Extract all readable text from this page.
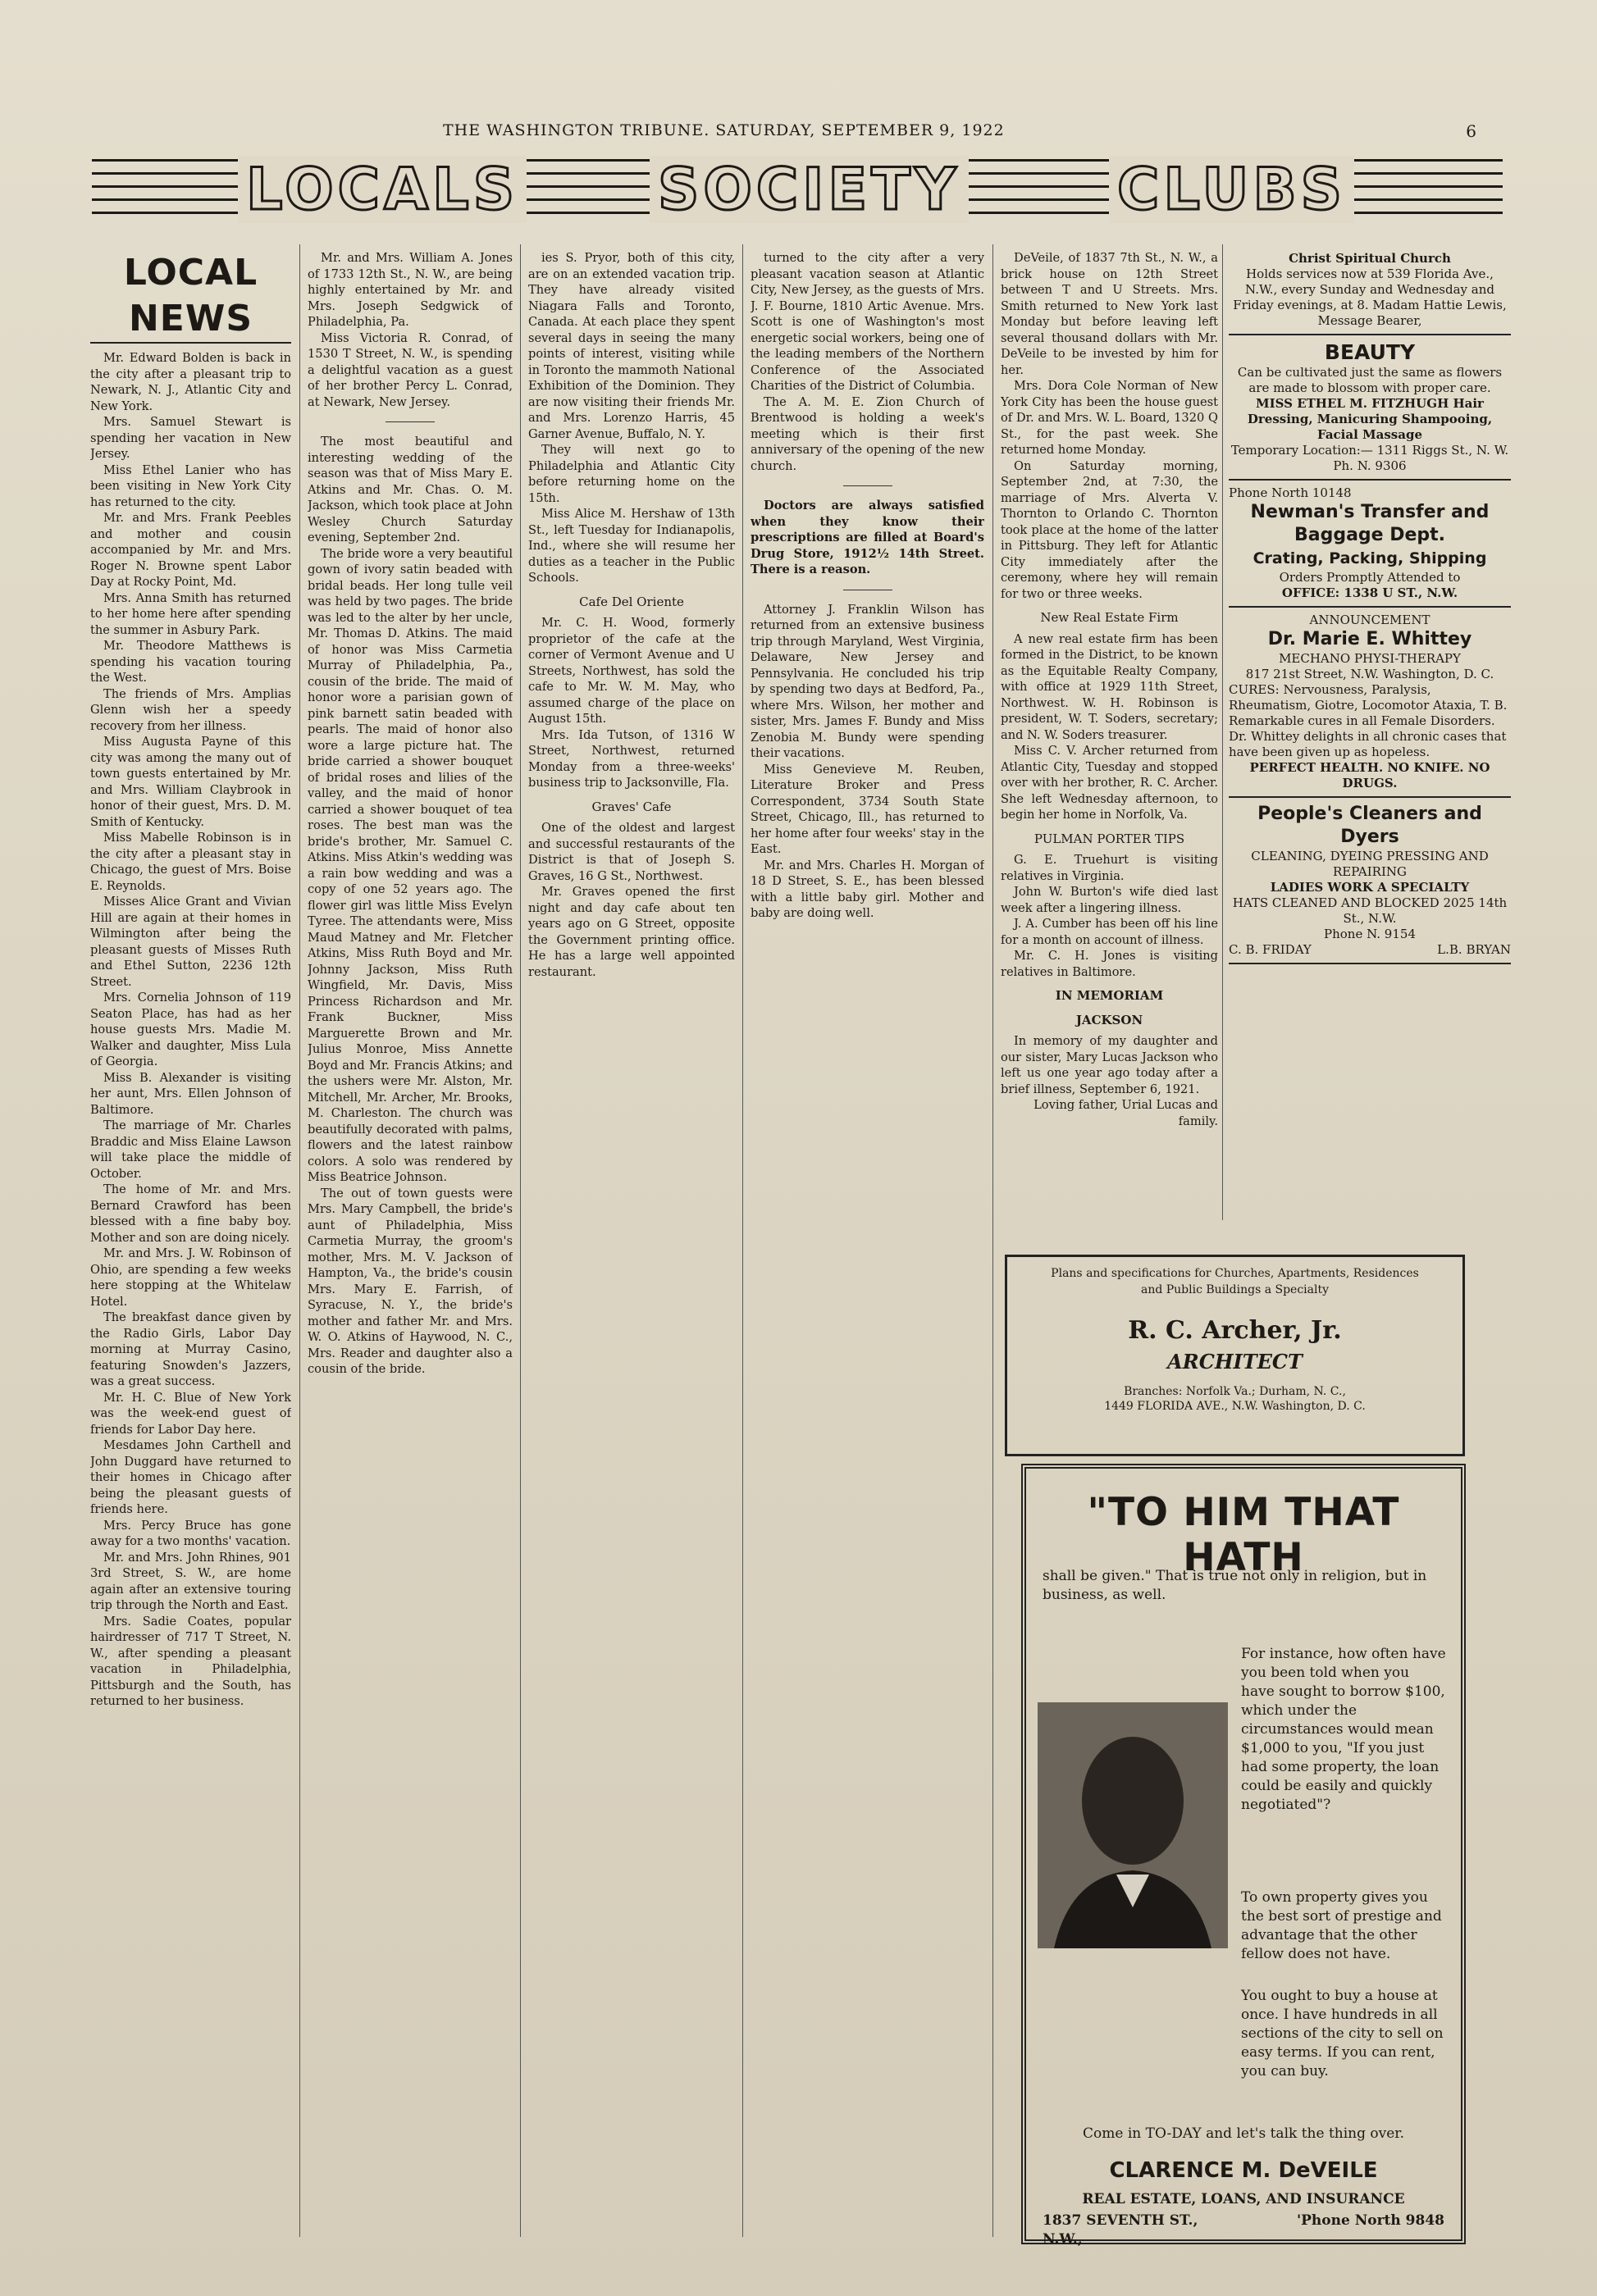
THE WASHINGTON TRIBUNE. SATURDAY, SEPTEMBER 9, 1922	6
LOCALS SOCIETY	CLUBS
LOCAL NEWS

Mr. Edward Bolden is back in the city after a pleasant trip to Newark, N. J., Atlantic City and New York.

Mrs. Samuel Stewart is spending her vacation in New Jersey.

Miss Ethel Lanier who has been visiting in New York City has returned to the city.

Mr. and Mrs. Frank Peebles and mother and cousin accompanied by Mr. and Mrs. Roger N. Browne spent Labor Day at Rocky Point, Md.

Mrs. Anna Smith has returned to her home here after spending the summer in Asbury Park.

Mr. Theodore Matthews is spending his vacation touring the West.

The friends of Mrs. Amplias Glenn wish her a speedy recovery from her illness.

Miss Augusta Payne of this city was among the many out of town guests entertained by Mr. and Mrs. William Claybrook in honor of their guest, Mrs. D. M. Smith of Kentucky.

Miss Mabelle Robinson is in the city after a pleasant stay in Chicago, the guest of Mrs. Boise E. Reynolds.

Misses Alice Grant and Vivian Hill are again at their homes in Wilmington after being the pleasant guests of Misses Ruth and Ethel Sutton, 2236 12th Street.

Mrs. Cornelia Johnson of 119 Seaton Place, has had as her house guests Mrs. Madie M. Walker and daughter, Miss Lula of Georgia.

Miss B. Alexander is visiting her aunt, Mrs. Ellen Johnson of Baltimore.

The marriage of Mr. Charles Braddic and Miss Elaine Lawson will take place the middle of October.

The home of Mr. and Mrs. Bernard Crawford has been blessed with a fine baby boy. Mother and son are doing nicely.

Mr. and Mrs. J. W. Robinson of Ohio, are spending a few weeks here stopping at the Whitelaw Hotel.

The breakfast dance given by the Radio Girls, Labor Day morning at Murray Casino, featuring Snowden's Jazzers, was a great success.

Mr. H. C. Blue of New York was the week-end guest of friends for Labor Day here.

Mesdames John Carthell and John Duggard have returned to their homes in Chicago after being the pleasant guests of friends here.

Mrs. Percy Bruce has gone away for a two months' vacation.

Mr. and Mrs. John Rhines, 901 3rd Street, S. W., are home again after an extensive touring trip through the North and East.

Mrs. Sadie Coates, popular hairdresser of 717 T Street, N. W., after spending a pleasant vacation in Philadelphia, Pittsburgh and the South, has returned to her business.

Mr. and Mrs. William A. Jones of 1733 12th St., N. W., are being highly entertained by Mr. and Mrs. Joseph Sedgwick of Philadelphia, Pa.

Miss Victoria R. Conrad, of 1530 T Street, N. W., is spending a delightful vacation as a guest of her brother Percy L. Conrad, at Newark, New Jersey.

The most beautiful and interesting wedding of the season was that of Miss Mary E. Atkins and Mr. Chas. O. M. Jackson, which took place at John Wesley Church Saturday evening, September 2nd.

The bride wore a very beautiful gown of ivory satin beaded with bridal beads. Her long tulle veil was held by two pages. The bride was led to the alter by her uncle, Mr. Thomas D. Atkins. The maid of honor was Miss Carmetia Murray of Philadelphia, Pa., cousin of the bride. The maid of honor wore a parisian gown of pink barnett satin beaded with pearls. The maid of honor also wore a large picture hat. The bride carried a shower bouquet of bridal roses and lilies of the valley, and the maid of honor carried a shower bouquet of tea roses. The best man was the bride's brother, Mr. Samuel C. Atkins. Miss Atkin's wedding was a rain bow wedding and was a copy of one 52 years ago. The flower girl was little Miss Evelyn Tyree. The attendants were, Miss Maud Matney and Mr. Fletcher Atkins, Miss Ruth Boyd and Mr. Johnny Jackson, Miss Ruth Wingfield, Mr. Davis, Miss Princess Richardson and Mr. Frank Buckner, Miss Marguerette Brown and Mr. Julius Monroe, Miss Annette Boyd and Mr. Francis Atkins; and the ushers were Mr. Alston, Mr. Mitchell, Mr. Archer, Mr. Brooks, M. Charleston. The church was beautifully decorated with palms, flowers and the latest rainbow colors. A solo was rendered by Miss Beatrice Johnson.

The out of town guests were Mrs. Mary Campbell, the bride's aunt of Philadelphia, Miss Carmetia Murray, the groom's mother, Mrs. M. V. Jackson of Hampton, Va., the bride's cousin Mrs. Mary E. Farrish, of Syracuse, N. Y., the bride's mother and father Mr. and Mrs. W. O. Atkins of Haywood, N. C., Mrs. Reader and daughter also a cousin of the bride.

ies S. Pryor, both of this city, are on an extended vacation trip. They have already visited Niagara Falls and Toronto, Canada. At each place they spent several days in seeing the many points of interest, visiting while in Toronto the mammoth National Exhibition of the Dominion. They are now visiting their friends Mr. and Mrs. Lorenzo Harris, 45 Garner Avenue, Buffalo, N. Y.

They will next go to Philadelphia and Atlantic City before returning home on the 15th.

Miss Alice M. Hershaw of 13th St., left Tuesday for Indianapolis, Ind., where she will resume her duties as a teacher in the Public Schools.

Cafe Del Oriente

Mr. C. H. Wood, formerly proprietor of the cafe at the corner of Vermont Avenue and U Streets, Northwest, has sold the cafe to Mr. W. M. May, who assumed charge of the place on August 15th.

Mrs. Ida Tutson, of 1316 W Street, Northwest, returned Monday from a three-weeks' business trip to Jacksonville, Fla.

Graves' Cafe

One of the oldest and largest and successful restaurants of the District is that of Joseph S. Graves, 16 G St., Northwest.

Mr. Graves opened the first night and day cafe about ten years ago on G Street, opposite the Government printing office. He has a large well appointed restaurant.

turned to the city after a very pleasant vacation season at Atlantic City, New Jersey, as the guests of Mrs. J. F. Bourne, 1810 Artic Avenue. Mrs. Scott is one of Washington's most energetic social workers, being one of the leading members of the Northern Conference of the Associated Charities of the District of Columbia.

The A. M. E. Zion Church of Brentwood is holding a week's meeting which is their first anniversary of the opening of the new church.

Doctors are always satisfied when they know their prescriptions are filled at Board's Drug Store, 1912½ 14th Street. There is a reason.

Attorney J. Franklin Wilson has returned from an extensive business trip through Maryland, West Virginia, Delaware, New Jersey and Pennsylvania. He concluded his trip by spending two days at Bedford, Pa., where Mrs. Wilson, her mother and sister, Mrs. James F. Bundy and Miss Zenobia M. Bundy were spending their vacations.

Miss Genevieve M. Reuben, Literature Broker and Press Correspondent, 3734 South State Street, Chicago, Ill., has returned to her home after four weeks' stay in the East.

Mr. and Mrs. Charles H. Morgan of 18 D Street, S. E., has been blessed with a little baby girl. Mother and baby are doing well.

DeVeile, of 1837 7th St., N. W., a brick house on 12th Street between T and U Streets. Mrs. Smith returned to New York last Monday but before leaving left several thousand dollars with Mr. DeVeile to be invested by him for her.

Mrs. Dora Cole Norman of New York City has been the house guest of Dr. and Mrs. W. L. Board, 1320 Q St., for the past week. She returned home Monday.

On Saturday morning, September 2nd, at 7:30, the marriage of Mrs. Alverta V. Thornton to Orlando C. Thornton took place at the home of the latter in Pittsburg. They left for Atlantic City immediately after the ceremony, where hey will remain for two or three weeks.

New Real Estate Firm

A new real estate firm has been formed in the District, to be known as the Equitable Realty Company, with office at 1929 11th Street, Northwest. W. H. Robinson is president, W. T. Soders, secretary; and N. W. Soders treasurer.

Miss C. V. Archer returned from Atlantic City, Tuesday and stopped over with her brother, R. C. Archer. She left Wednesday afternoon, to begin her home in Norfolk, Va.

PULMAN PORTER TIPS

G. E. Truehurt is visiting relatives in Virginia.

John W. Burton's wife died last week after a lingering illness.

J. A. Cumber has been off his line for a month on account of illness.

Mr. C. H. Jones is visiting relatives in Baltimore.

IN MEMORIAM

JACKSON

In memory of my daughter and our sister, Mary Lucas Jackson who left us one year ago today after a brief illness, September 6, 1921.

Loving father, Urial Lucas and family.

Christ Spiritual Church
Holds services now at 539 Florida Ave., N.W., every Sunday and Wednesday and Friday evenings, at 8. Madam Hattie Lewis, Message Bearer,
BEAUTY
Can be cultivated just the same as flowers are made to blossom with proper care.
MISS ETHEL M. FITZHUGH Hair Dressing, Manicuring Shampooing, Facial Massage
Temporary Location:— 1311 Riggs St., N. W. Ph. N. 9306
Phone North 10148
Newman's Transfer and Baggage Dept.
Crating, Packing, Shipping
Orders Promptly Attended to
OFFICE: 1338 U ST., N.W.
ANNOUNCEMENT
Dr. Marie E. Whittey
MECHANO PHYSI-THERAPY
817 21st Street, N.W. Washington, D. C.
CURES: Nervousness, Paralysis, Rheumatism, Giotre, Locomotor Ataxia, T. B. Remarkable cures in all Female Disorders. Dr. Whittey delights in all chronic cases that have been given up as hopeless.
PERFECT HEALTH. NO KNIFE. NO DRUGS.
People's Cleaners and Dyers
CLEANING, DYEING PRESSING AND REPAIRING
LADIES WORK A SPECIALTY
HATS CLEANED AND BLOCKED 2025 14th St., N.W.
Phone N. 9154
C. B. FRIDAY	L.B. BRYAN
Plans and specifications for Churches, Apartments, Residences and Public Buildings a Specialty
R. C. Archer, Jr.
ARCHITECT
Branches: Norfolk Va.; Durham, N. C.,
1449 FLORIDA AVE., N.W. Washington, D. C.
"TO HIM THAT HATH
shall be given." That is true not only in religion, but in business, as well.
For instance, how often have you been told when you have sought to borrow $100, which under the circumstances would mean $1,000 to you, "If you just had some property, the loan could be easily and quickly negotiated"?
To own property gives you the best sort of prestige and advantage that the other fellow does not have.
You ought to buy a house at once. I have hundreds in all sections of the city to sell on easy terms. If you can rent, you can buy.
Come in TO-DAY and let's talk the thing over.
CLARENCE M. DeVEILE
REAL ESTATE, LOANS, AND INSURANCE
1837 SEVENTH ST., N.W.,
'Phone North 9848
